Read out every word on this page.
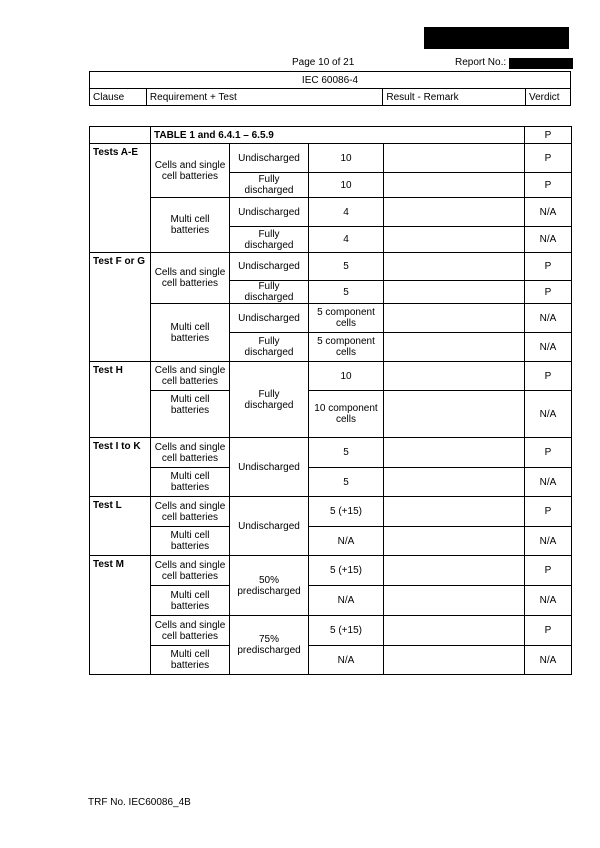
Page 10 of 21	Report No.:
IEC 60086-4
Clause	Requirement + Test	Result - Remark	Verdict
	TABLE 1 and 6.4.1 – 6.5.9				P
Tests A-E	Cells and single cell batteries	Undischarged	10		P
		Fully discharged	10		P
	Multi cell batteries	Undischarged	4		N/A
		Fully discharged	4		N/A
Test F or G	Cells and single cell batteries	Undischarged	5		P
		Fully discharged	5		P
	Multi cell batteries	Undischarged	5 component cells		N/A
		Fully discharged	5 component cells		N/A
Test H	Cells and single cell batteries	Fully discharged	10		P
	Multi cell batteries		10 component cells		N/A
Test I to K	Cells and single cell batteries	Undischarged	5		P
	Multi cell batteries		5		N/A
Test L	Cells and single cell batteries	Undischarged	5 (+15)		P
	Multi cell batteries		N/A		N/A
Test M	Cells and single cell batteries	50% predischarged	5 (+15)		P
	Multi cell batteries		N/A		N/A
	Cells and single cell batteries	75% predischarged	5 (+15)		P
	Multi cell batteries		N/A		N/A
TRF No. IEC60086_4B
